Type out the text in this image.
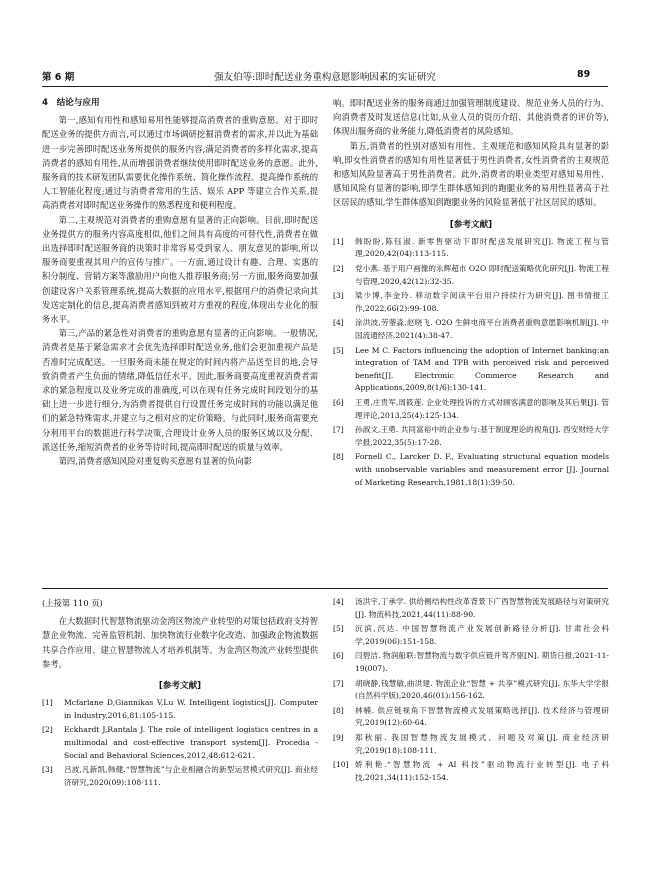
第 6 期	强友伯等:即时配送业务重构意愿影响因素的实证研究	89
4　结论与应用

第一,感知有用性和感知易用性能够提高消费者的重购意愿。对于即时配送业务的提供方而言,可以通过市场调研挖掘消费者的需求,并以此为基础进一步完善即时配送业务所提供的服务内容,满足消费者的多样化需求,提高消费者的感知有用性,从而增强消费者继续使用即时配送业务的意愿。此外,服务商的技术研发团队需要优化操作系统、简化操作流程、提高操作系统的人工智能化程度;通过与消费者常用的生活、娱乐 APP 等建立合作关系,提高消费者对即时配送业务操作的熟悉程度和便利程度。

第二,主观规范对消费者的重购意愿有显著的正向影响。目前,即时配送业务提供方的服务内容高度相似,他们之间具有高度的可替代性,消费者在做出选择即时配送服务商的决策时非常容易受到家人、朋友意见的影响,所以服务商要重视其用户的宣传与推广。一方面,通过设计有趣、合理、实惠的积分制度、营销方案等激励用户向他人推荐服务商;另一方面,服务商要加强创建设客户关系管理系统,提高大数据的应用水平,根据用户的消费记录向其发送定制化的信息,提高消费者感知到被对方重视的程度,体现出专业化的服务水平。

第三,产品的紧急性对消费者的重购意愿有显著的正向影响。一般情况,消费者是基于紧急需求才会优先选择即时配送业务,他们会更加重视产品是否准时完成配送。一旦服务商未能在规定的时间内将产品送至目的地,会导致消费者产生负面的情绪,降低信任水平。因此,服务商要高度重视消费者需求的紧急程度以及业务完成的准确度,可以在现有任务完成时间段划分的基础上进一步进行细分,为消费者提供自行设置任务完成时间的功能以满足他们的紧急特殊需求,并建立与之相对应的定价策略。与此同时,服务商需要充分利用平台的数据进行科学决策,合理设计业务人员的服务区域以及分配、派送任务,缩短消费者的业务等待时间,提高即时配送的质量与效率。

第四,消费者感知风险对重复购买意愿有显著的负向影

响。即时配送业务的服务商通过加强管理制度建设、规范业务人员的行为、向消费者及时发送信息(比如,从业人员的资历介绍、其他消费者的评价等),体现出服务商的业务能力,降低消费者的风险感知。

第五,消费者的性别对感知有用性、主观规范和感知风险具有显著的影响,即女性消费者的感知有用性显著低于男性消费者,女性消费者的主观规范和感知风险显著高于男性消费者。此外,消费者的职业类型对感知易用性、感知风险有显著的影响,即学生群体感知到的跑腿业务的易用性显著高于社区居民的感知,学生群体感知到跑腿业务的风险显著低于社区居民的感知。

[参考文献]
[1]	韩盼盼,陈钰淑. 新零售驱动下即时配送发展研究[J]. 物流工程与管理,2020,42(04):113-115.
[2]	党小燕. 基于用户画像的永辉超市 O2O 即时配送策略优化研究[J]. 物流工程与管理,2020,42(12):32-35.
[3]	梁少博,李金玲. 移动数字阅读平台用户持续行为研究[J]. 图书情报工作,2022,66(2):99-108.
[4]	涂洪波,劳蓥淼,赵晓飞. O2O 生鲜电商平台消费者重购意愿影响机制[J]. 中国流通经济,2021(4):38-47.
[5]	Lee M C. Factors influencing the adoption of Internet banking:an integration of TAM and TPB with perceived risk and perceived benefit[J]. Electronic Commerce Research and Applications,2009,8(1/6):130-141.
[6]	王勇,庄贵军,周筱莲. 企业处理投诉的方式对顾客满意的影响及其后果[J]. 管理评论,2013,25(4):125-134.
[7]	孙淑文,王勇. 共同富裕中的企业参与:基于制度理论的视角[J]. 西安财经大学学报,2022,35(5):17-28.
[8]	Fornell C., Larcker D. F., Evaluating structural equation models with unobservable variables and measurement error [J]. Journal of Marketing Research,1981,18(1):39-50.
(上接第 110 页)

在大数据时代智慧物流驱动金湾区物流产业转型的对策包括政府支持智慧企业物流、完善监管机制、加快物流行业数字化改造、加强政企物流数据共享合作应用、建立智慧物流人才培养机制等。为金湾区物流产业转型提供参考。

[参考文献]
[1]	Mcfarlane D,Giannikas V,Lu W. Intelligent logistics[J]. Computer in Industry,2016,81:105-115.
[2]	Eckhardt J,Rantala J. The role of intelligent logistics centres in a multimodal and cost-effective transport system[J]. Procedia - Social and Behavioral Sciences,2012,48:612-621.
[3]	吕波,凡新凯,韩健.“智慧物流”与企业相融合的新型运营模式研究[J]. 商业经济研究,2020(09):108-111.
[4]	汤洪宇,丁承学. 供给侧结构性改革背景下广西智慧物流发展路径与对策研究[J]. 物流科技,2021,44(11):88-90.
[5]	沉滨,沉达. 中国智慧物流产业发展创新路径分析[J]. 甘肃社会科学,2019(06):151-158.
[6]	闫碧洁. 物润船联:智慧物流与数字供应链并驾齐驱[N]. 期货日报,2021-11-19(007).
[7]	胡晓静,钱慧敏,曲洪建. 物流企业“智慧 + 共享”模式研究[J]. 东华大学学报(自然科学版),2020,46(01):156-162.
[8]	林楠. 供应链视角下智慧物流模式发展策略选择[J]. 技术经济与管理研究,2019(12):60-64.
[9]	郑秋丽. 我国智慧物流发展模式、问题及对策[J]. 商业经济研究,2019(18):108-111.
[10] 娇利艳.“智慧物流 + AI 科技”驱动物流行业转型[J]. 电子科技,2021,34(11):152-154.
